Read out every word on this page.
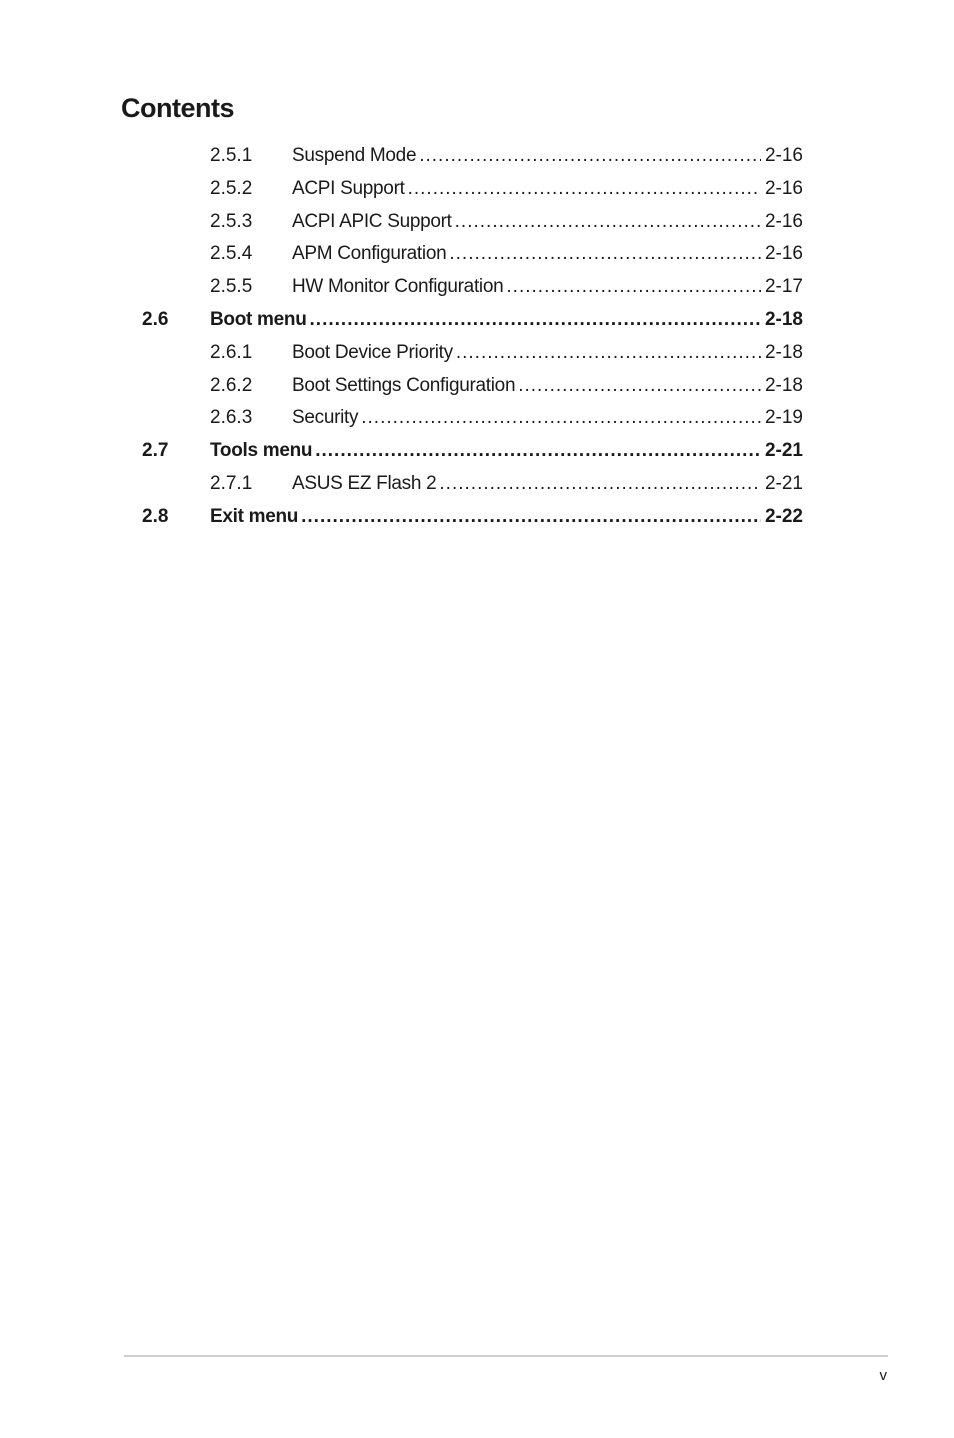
Contents
2.5.1 Suspend Mode .....	2-16
2.5.2 ACPI Support .....	2-16
2.5.3 ACPI APIC Support .....	2-16
2.5.4 APM Configuration .....	2-16
2.5.5 HW Monitor Configuration .....	2-17
2.6 Boot menu .....	2-18
2.6.1 Boot Device Priority .....	2-18
2.6.2 Boot Settings Configuration .....	2-18
2.6.3 Security .....	2-19
2.7 Tools menu .....	2-21
2.7.1 ASUS EZ Flash 2 .....	2-21
2.8 Exit menu .....	2-22
v
